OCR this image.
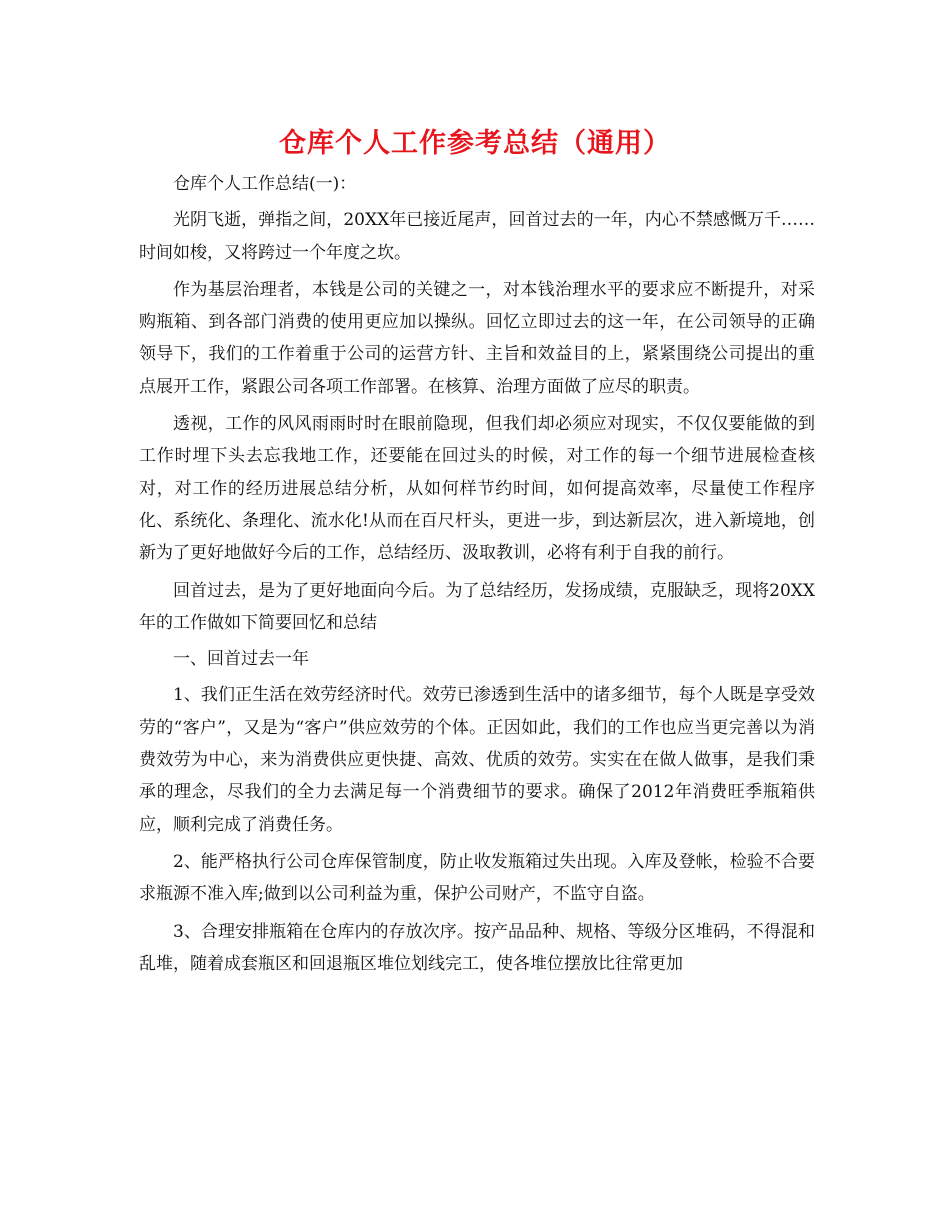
仓库个人工作参考总结（通用）

仓库个人工作总结(一)：

光阴飞逝，弹指之间，20XX年已接近尾声，回首过去的一年，内心不禁感慨万千……时间如梭，又将跨过一个年度之坎。

作为基层治理者，本钱是公司的关键之一，对本钱治理水平的要求应不断提升，对采购瓶箱、到各部门消费的使用更应加以操纵。回忆立即过去的这一年，在公司领导的正确领导下，我们的工作着重于公司的运营方针、主旨和效益目的上，紧紧围绕公司提出的重点展开工作，紧跟公司各项工作部署。在核算、治理方面做了应尽的职责。

透视，工作的风风雨雨时时在眼前隐现，但我们却必须应对现实，不仅仅要能做的到工作时埋下头去忘我地工作，还要能在回过头的时候，对工作的每一个细节进展检查核对，对工作的经历进展总结分析，从如何样节约时间，如何提高效率，尽量使工作程序化、系统化、条理化、流水化!从而在百尺杆头，更进一步，到达新层次，进入新境地，创新为了更好地做好今后的工作，总结经历、汲取教训，必将有利于自我的前行。

回首过去，是为了更好地面向今后。为了总结经历，发扬成绩，克服缺乏，现将20XX年的工作做如下简要回忆和总结

一、回首过去一年

1、我们正生活在效劳经济时代。效劳已渗透到生活中的诸多细节，每个人既是享受效劳的“客户”，又是为“客户”供应效劳的个体。正因如此，我们的工作也应当更完善以为消费效劳为中心，来为消费供应更快捷、高效、优质的效劳。实实在在做人做事，是我们秉承的理念，尽我们的全力去满足每一个消费细节的要求。确保了2012年消费旺季瓶箱供应，顺利完成了消费任务。

2、能严格执行公司仓库保管制度，防止收发瓶箱过失出现。入库及登帐，检验不合要求瓶源不准入库;做到以公司利益为重，保护公司财产，不监守自盗。

3、合理安排瓶箱在仓库内的存放次序。按产品品种、规格、等级分区堆码，不得混和乱堆，随着成套瓶区和回退瓶区堆位划线完工，使各堆位摆放比往常更加
